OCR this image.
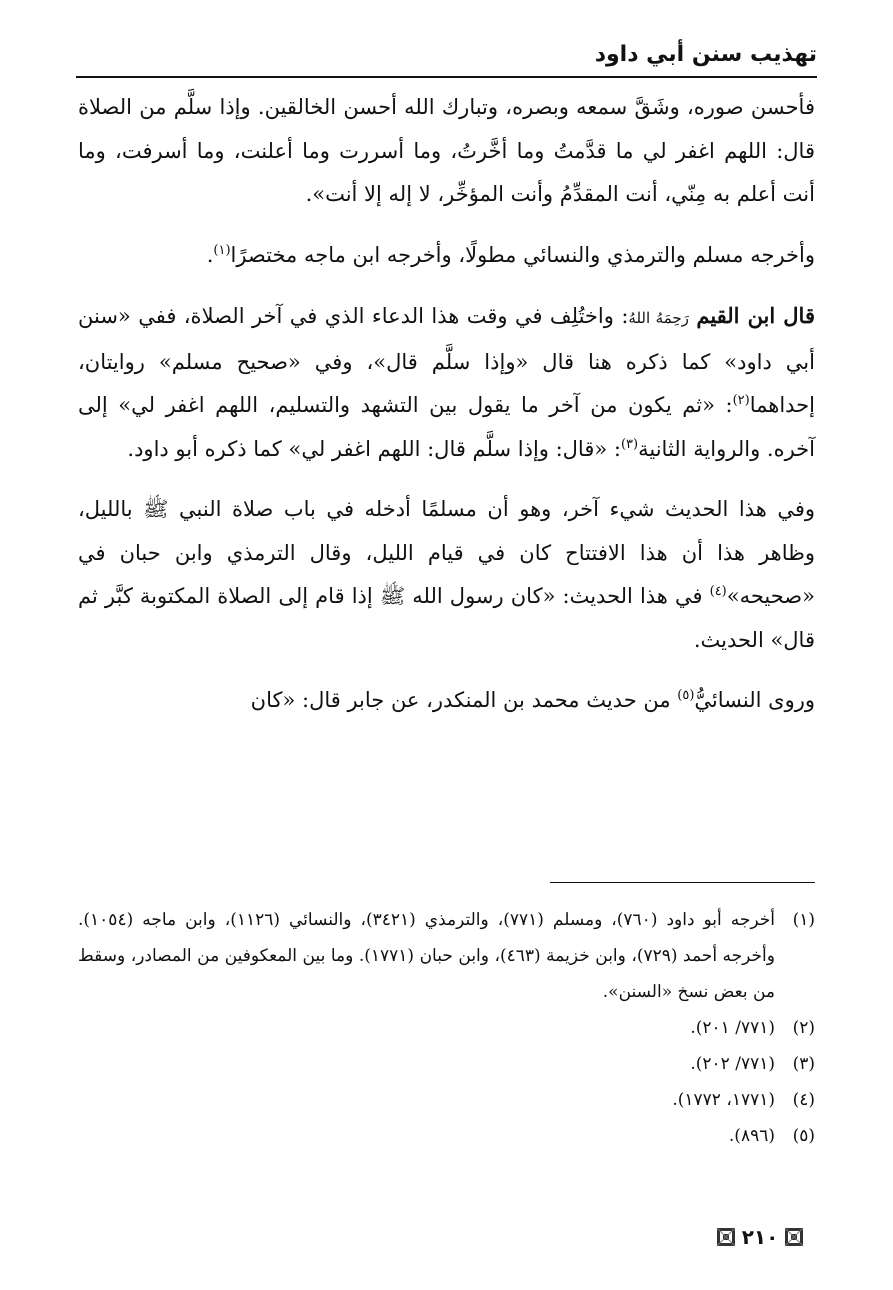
تهذيب سنن أبي داود

فأحسن صوره، وشَقَّ سمعه وبصره، وتبارك الله أحسن الخالقين. وإذا سلَّم من الصلاة قال: اللهم اغفر لي ما قدَّمتُ وما أخَّرتُ، وما أسررت وما أعلنت، وما أسرفت، وما أنت أعلم به مِنّي، أنت المقدِّمُ وأنت المؤخِّر، لا إله إلا أنت».

وأخرجه مسلم والترمذي والنسائي مطولًا، وأخرجه ابن ماجه مختصرًا$^{(١)}$.

قال ابن القيم رَحِمَهُ اللهُ: واختُلِف في وقت هذا الدعاء الذي في آخر الصلاة، ففي «سنن أبي داود» كما ذكره هنا قال «وإذا سلَّم قال»، وفي «صحيح مسلم» روايتان، إحداهما$^{(٢)}$: «ثم يكون من آخر ما يقول بين التشهد والتسليم، اللهم اغفر لي» إلى آخره. والرواية الثانية$^{(٣)}$: «قال: وإذا سلَّم قال: اللهم اغفر لي» كما ذكره أبو داود.

وفي هذا الحديث شيء آخر، وهو أن مسلمًا أدخله في باب صلاة النبي ﷺ بالليل، وظاهر هذا أن هذا الافتتاح كان في قيام الليل، وقال الترمذي وابن حبان في «صحيحه»$^{(٤)}$ في هذا الحديث: «كان رسول الله ﷺ إذا قام إلى الصلاة المكتوبة كبَّر ثم قال» الحديث.

وروى النسائيُّ$^{(٥)}$ من حديث محمد بن المنكدر، عن جابر قال: «كان

(١)
أخرجه أبو داود (٧٦٠)، ومسلم (٧٧١)، والترمذي (٣٤٢١)، والنسائي (١١٢٦)، وابن ماجه (١٠٥٤). وأخرجه أحمد (٧٢٩)، وابن خزيمة (٤٦٣)، وابن حبان (١٧٧١). وما بين المعكوفين من المصادر، وسقط من بعض نسخ «السنن».
(٢)
(٧٧١/ ٢٠١).
(٣)
(٧٧١/ ٢٠٢).
(٤)
(١٧٧١، ١٧٧٢).
(٥)
(٨٩٦).
٢١٠
